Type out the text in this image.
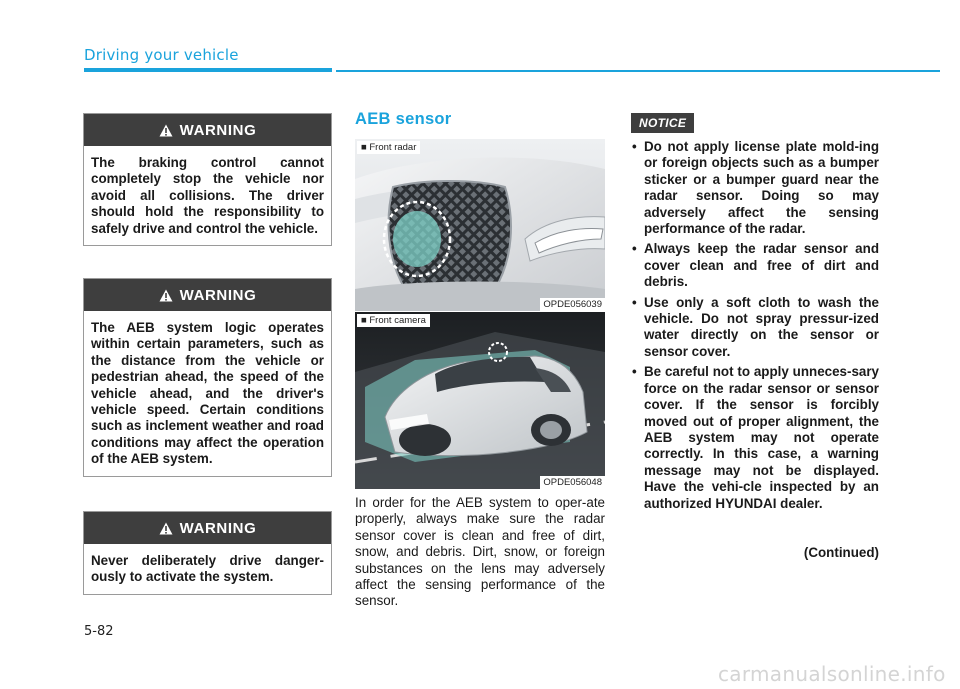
Driving your vehicle
WARNING
The braking control cannot completely stop the vehicle nor avoid all collisions. The driver should hold the responsibility to safely drive and control the vehicle.
WARNING
The AEB system logic operates within certain parameters, such as the distance from the vehicle or pedestrian ahead, the speed of the vehicle ahead, and the driver's vehicle speed. Certain conditions such as inclement weather and road conditions may affect the operation of the AEB system.
WARNING
Never deliberately drive danger-ously to activate the system.
AEB sensor
■ Front radar
OPDE056039
■ Front camera
OPDE056048
In order for the AEB system to oper-ate properly, always make sure the radar sensor cover is clean and free of dirt, snow, and debris. Dirt, snow, or foreign substances on the lens may adversely affect the sensing performance of the sensor.
NOTICE
• Do not apply license plate mold-ing or foreign objects such as a bumper sticker or a bumper guard near the radar sensor. Doing so may adversely affect the sensing performance of the radar.
• Always keep the radar sensor and cover clean and free of dirt and debris.
• Use only a soft cloth to wash the vehicle. Do not spray pressur-ized water directly on the sensor or sensor cover.
• Be careful not to apply unneces-sary force on the radar sensor or sensor cover. If the sensor is forcibly moved out of proper alignment, the AEB system may not operate correctly. In this case, a warning message may not be displayed. Have the vehi-cle inspected by an authorized HYUNDAI dealer.
(Continued)
5-82
carmanualsonline.info
